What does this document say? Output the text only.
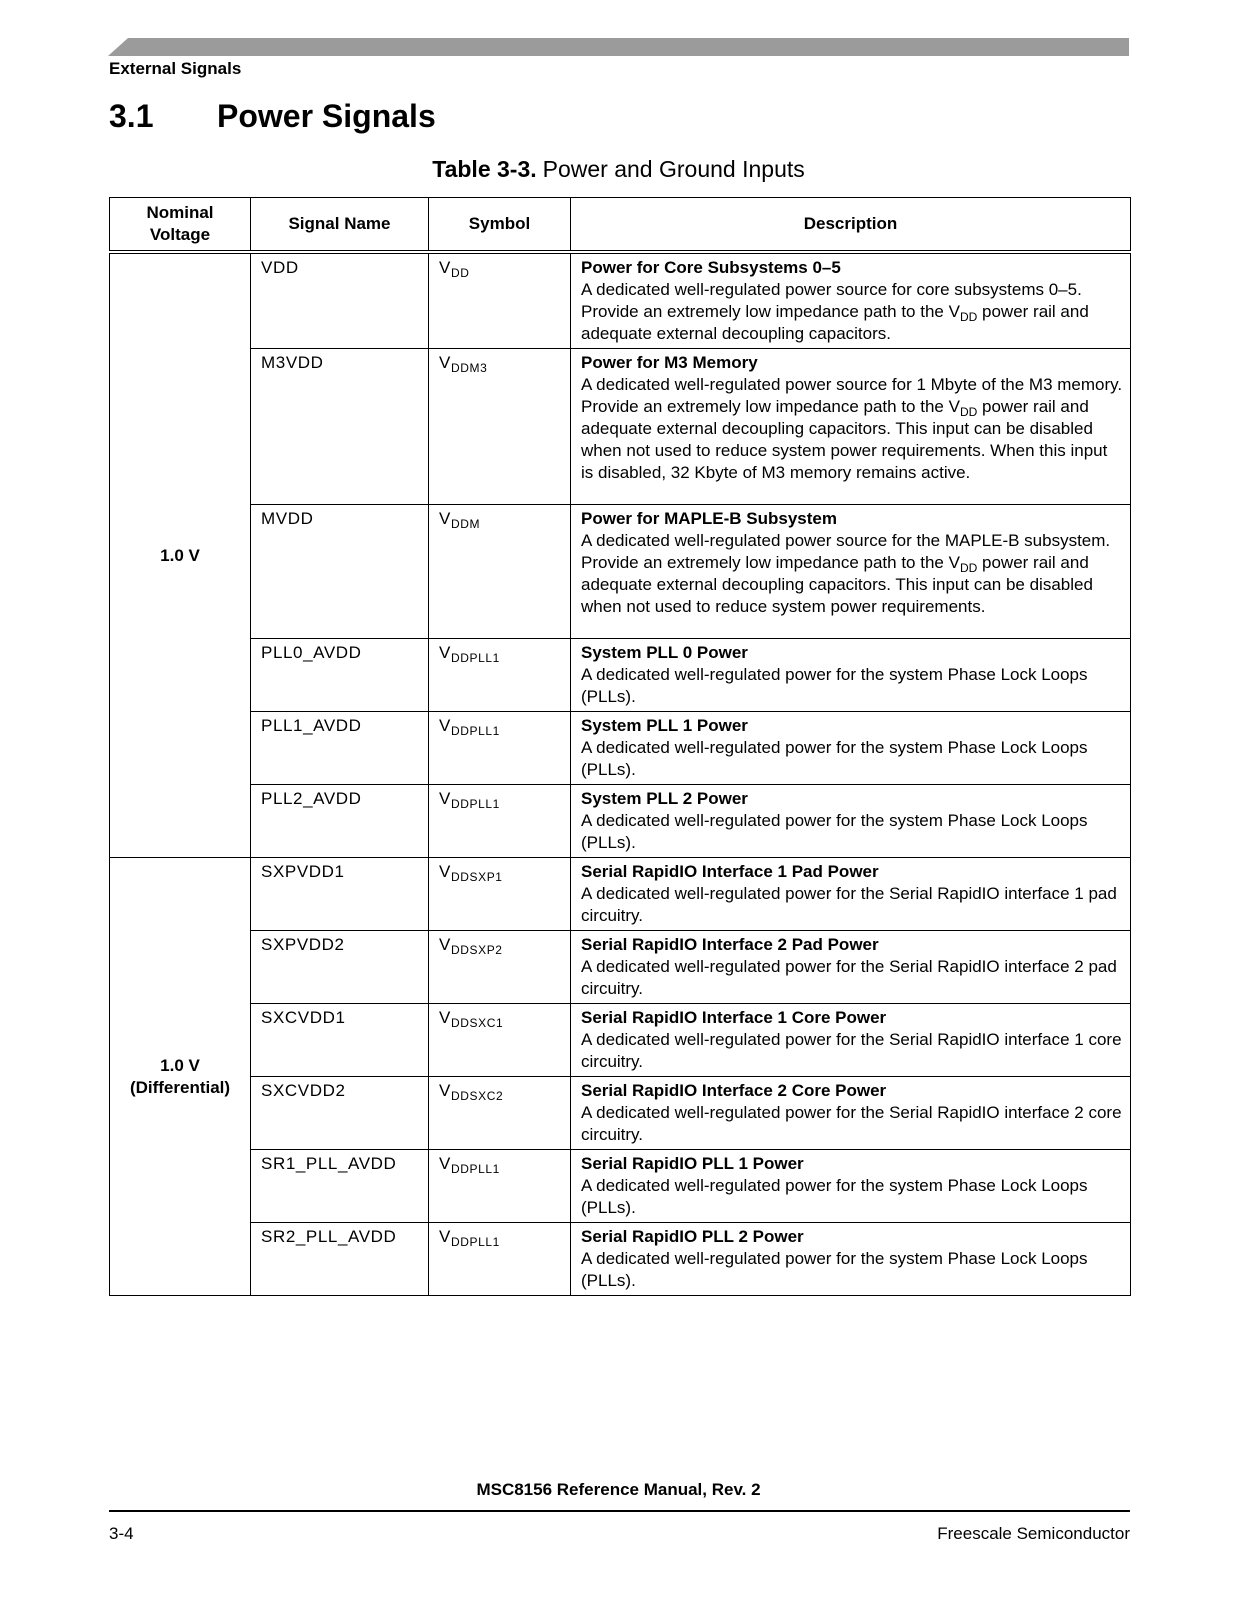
External Signals
3.1 Power Signals
Table 3-3. Power and Ground Inputs
Nominal
Voltage	Signal Name	Symbol	Description
1.0 V	VDD	$V_{DD}$	Power for Core Subsystems 0–5
A dedicated well-regulated power source for core subsystems 0–5. Provide an extremely low impedance path to the $V_{DD}$ power rail and adequate external decoupling capacitors.
	M3VDD	$V_{DDM3}$	Power for M3 Memory
A dedicated well-regulated power source for 1 Mbyte of the M3 memory. Provide an extremely low impedance path to the $V_{DD}$ power rail and adequate external decoupling capacitors. This input can be disabled when not used to reduce system power requirements. When this input is disabled, 32 Kbyte of M3 memory remains active.
	MVDD	$V_{DDM}$	Power for MAPLE-B Subsystem
A dedicated well-regulated power source for the MAPLE-B subsystem. Provide an extremely low impedance path to the $V_{DD}$ power rail and adequate external decoupling capacitors. This input can be disabled when not used to reduce system power requirements.
	PLL0_AVDD	$V_{DDPLL1}$	System PLL 0 Power
A dedicated well-regulated power for the system Phase Lock Loops (PLLs).
	PLL1_AVDD	$V_{DDPLL1}$	System PLL 1 Power
A dedicated well-regulated power for the system Phase Lock Loops (PLLs).
	PLL2_AVDD	$V_{DDPLL1}$	System PLL 2 Power
A dedicated well-regulated power for the system Phase Lock Loops (PLLs).
1.0 V
(Differential)	SXPVDD1	$V_{DDSXP1}$	Serial RapidIO Interface 1 Pad Power
A dedicated well-regulated power for the Serial RapidIO interface 1 pad circuitry.
	SXPVDD2	$V_{DDSXP2}$	Serial RapidIO Interface 2 Pad Power
A dedicated well-regulated power for the Serial RapidIO interface 2 pad circuitry.
	SXCVDD1	$V_{DDSXC1}$	Serial RapidIO Interface 1 Core Power
A dedicated well-regulated power for the Serial RapidIO interface 1 core circuitry.
	SXCVDD2	$V_{DDSXC2}$	Serial RapidIO Interface 2 Core Power
A dedicated well-regulated power for the Serial RapidIO interface 2 core circuitry.
	SR1_PLL_AVDD	$V_{DDPLL1}$	Serial RapidIO PLL 1 Power
A dedicated well-regulated power for the system Phase Lock Loops (PLLs).
	SR2_PLL_AVDD	$V_{DDPLL1}$	Serial RapidIO PLL 2 Power
A dedicated well-regulated power for the system Phase Lock Loops (PLLs).
MSC8156 Reference Manual, Rev. 2
3-4	Freescale Semiconductor
